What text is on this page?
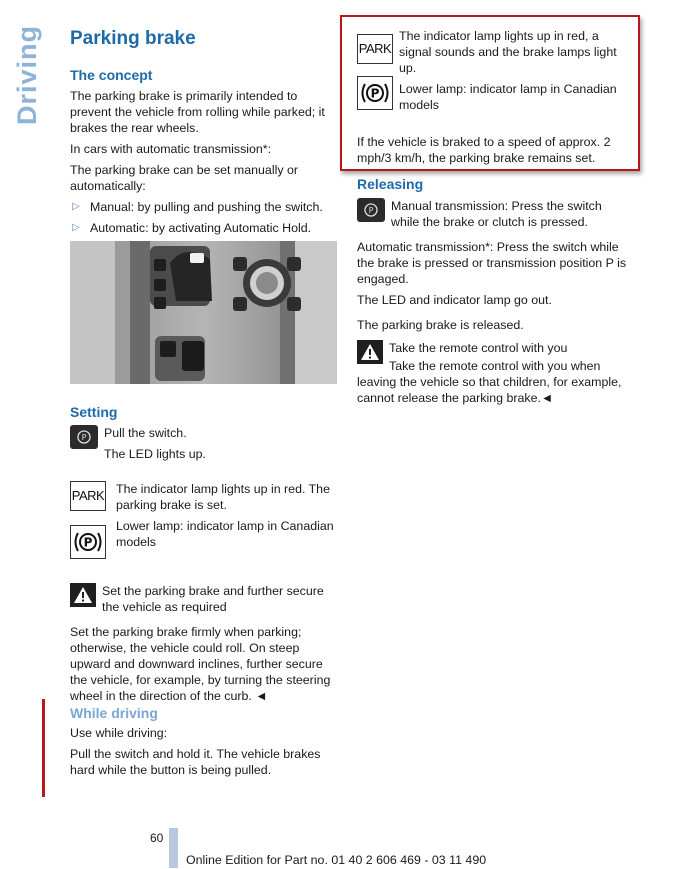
Driving Parking brake
The concept

The parking brake is primarily intended to prevent the vehicle from rolling while parked; it brakes the rear wheels.

In cars with automatic transmission*:

The parking brake can be set manually or automatically:

▷ Manual: by pulling and pushing the switch.
▷ Automatic: by activating Automatic Hold.
Setting
P Pull the switch.

The LED lights up.

PARK
P

The indicator lamp lights up in red. The parking brake is set.

Lower lamp: indicator lamp in Canadian models

Set the parking brake and further secure the vehicle as required

Set the parking brake firmly when parking; otherwise, the vehicle could roll. On steep upward and downward inclines, further secure the vehicle, for example, by turning the steering wheel in the direction of the curb. ◄

While driving

Use while driving:

Pull the switch and hold it. The vehicle brakes hard while the button is being pulled.

PARK
P

The indicator lamp lights up in red, a signal sounds and the brake lamps light up.

Lower lamp: indicator lamp in Canadian models

If the vehicle is braked to a speed of approx. 2 mph/3 km/h, the parking brake remains set.

Releasing
P Manual transmission: Press the switch while the brake or clutch is pressed.

Automatic transmission*: Press the switch while the brake is pressed or transmission position P is engaged.

The LED and indicator lamp go out.

The parking brake is released.

Take the remote control with you

Take the remote control with you when leaving the vehicle so that children, for example, cannot release the parking brake.◄

60
Online Edition for Part no. 01 40 2 606 469 - 03 11 490
